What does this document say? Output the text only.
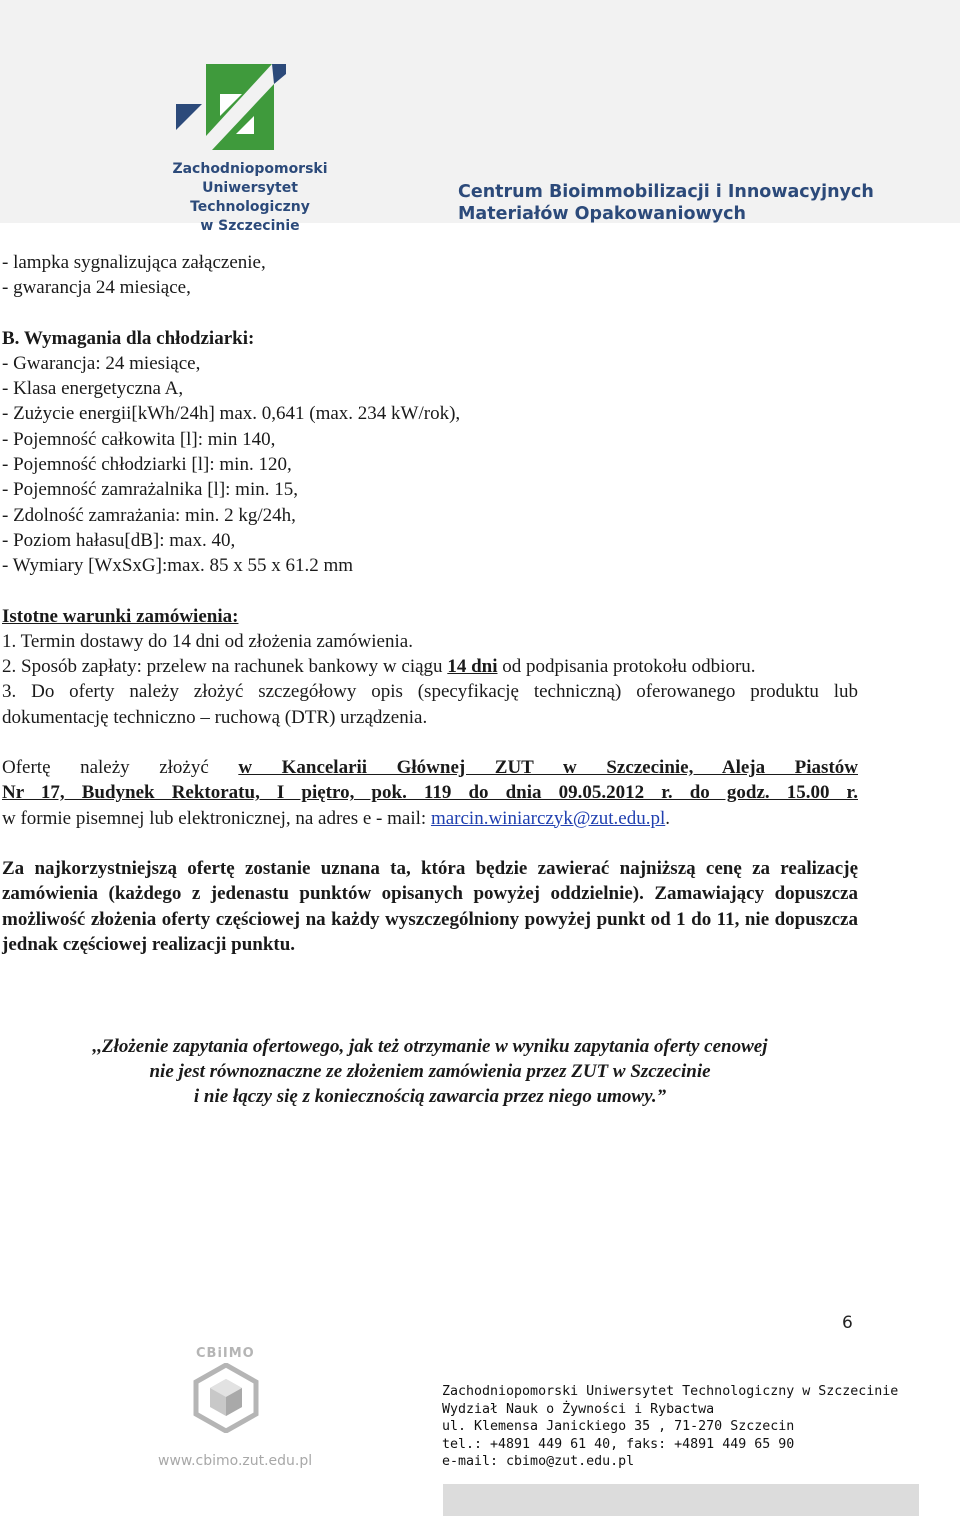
Zachodniopomorski
Uniwersytet Technologiczny
w Szczecinie
Centrum Bioimmobilizacji i Innowacyjnych
Materiałów Opakowaniowych
- lampka sygnalizująca załączenie,
- gwarancja 24 miesiące,
B. Wymagania dla chłodziarki:
- Gwarancja: 24 miesiące,
- Klasa energetyczna A,
- Zużycie energii[kWh/24h] max. 0,641 (max. 234 kW/rok),
- Pojemność całkowita [l]: min 140,
- Pojemność chłodziarki [l]: min. 120,
- Pojemność zamrażalnika [l]: min. 15,
- Zdolność zamrażania: min. 2 kg/24h,
- Poziom hałasu[dB]: max. 40,
- Wymiary [WxSxG]:max. 85 x 55 x 61.2 mm
Istotne warunki zamówienia:
1. Termin dostawy do 14 dni od złożenia zamówienia.
2. Sposób zapłaty: przelew na rachunek bankowy w ciągu 14 dni od podpisania protokołu odbioru.
3. Do oferty należy złożyć szczegółowy opis (specyfikację techniczną) oferowanego produktu lub dokumentację techniczno – ruchową (DTR) urządzenia.
Ofertę należy złożyć w Kancelarii Głównej ZUT w Szczecinie, Aleja Piastów
Nr 17, Budynek Rektoratu, I piętro, pok. 119 do dnia 09.05.2012 r. do godz. 15.00 r.
w formie pisemnej lub elektronicznej, na adres e - mail: marcin.winiarczyk@zut.edu.pl.
Za najkorzystniejszą ofertę zostanie uznana ta, która będzie zawierać najniższą cenę za realizację zamówienia (każdego z jedenastu punktów opisanych powyżej oddzielnie). Zamawiający dopuszcza możliwość złożenia oferty częściowej na każdy wyszczególniony powyżej punkt od 1 do 11, nie dopuszcza jednak częściowej realizacji punktu.
,,Złożenie zapytania ofertowego, jak też otrzymanie w wyniku zapytania oferty cenowej
nie jest równoznaczne ze złożeniem zamówienia przez ZUT w Szczecinie
i nie łączy się z koniecznością zawarcia przez niego umowy.”
6
CBiIMO
www.cbimo.zut.edu.pl
Zachodniopomorski Uniwersytet Technologiczny w Szczecinie
Wydział Nauk o Żywności i Rybactwa
ul. Klemensa Janickiego 35 , 71-270 Szczecin
tel.: +4891 449 61 40, faks: +4891 449 65 90
e-mail: cbimo@zut.edu.pl
